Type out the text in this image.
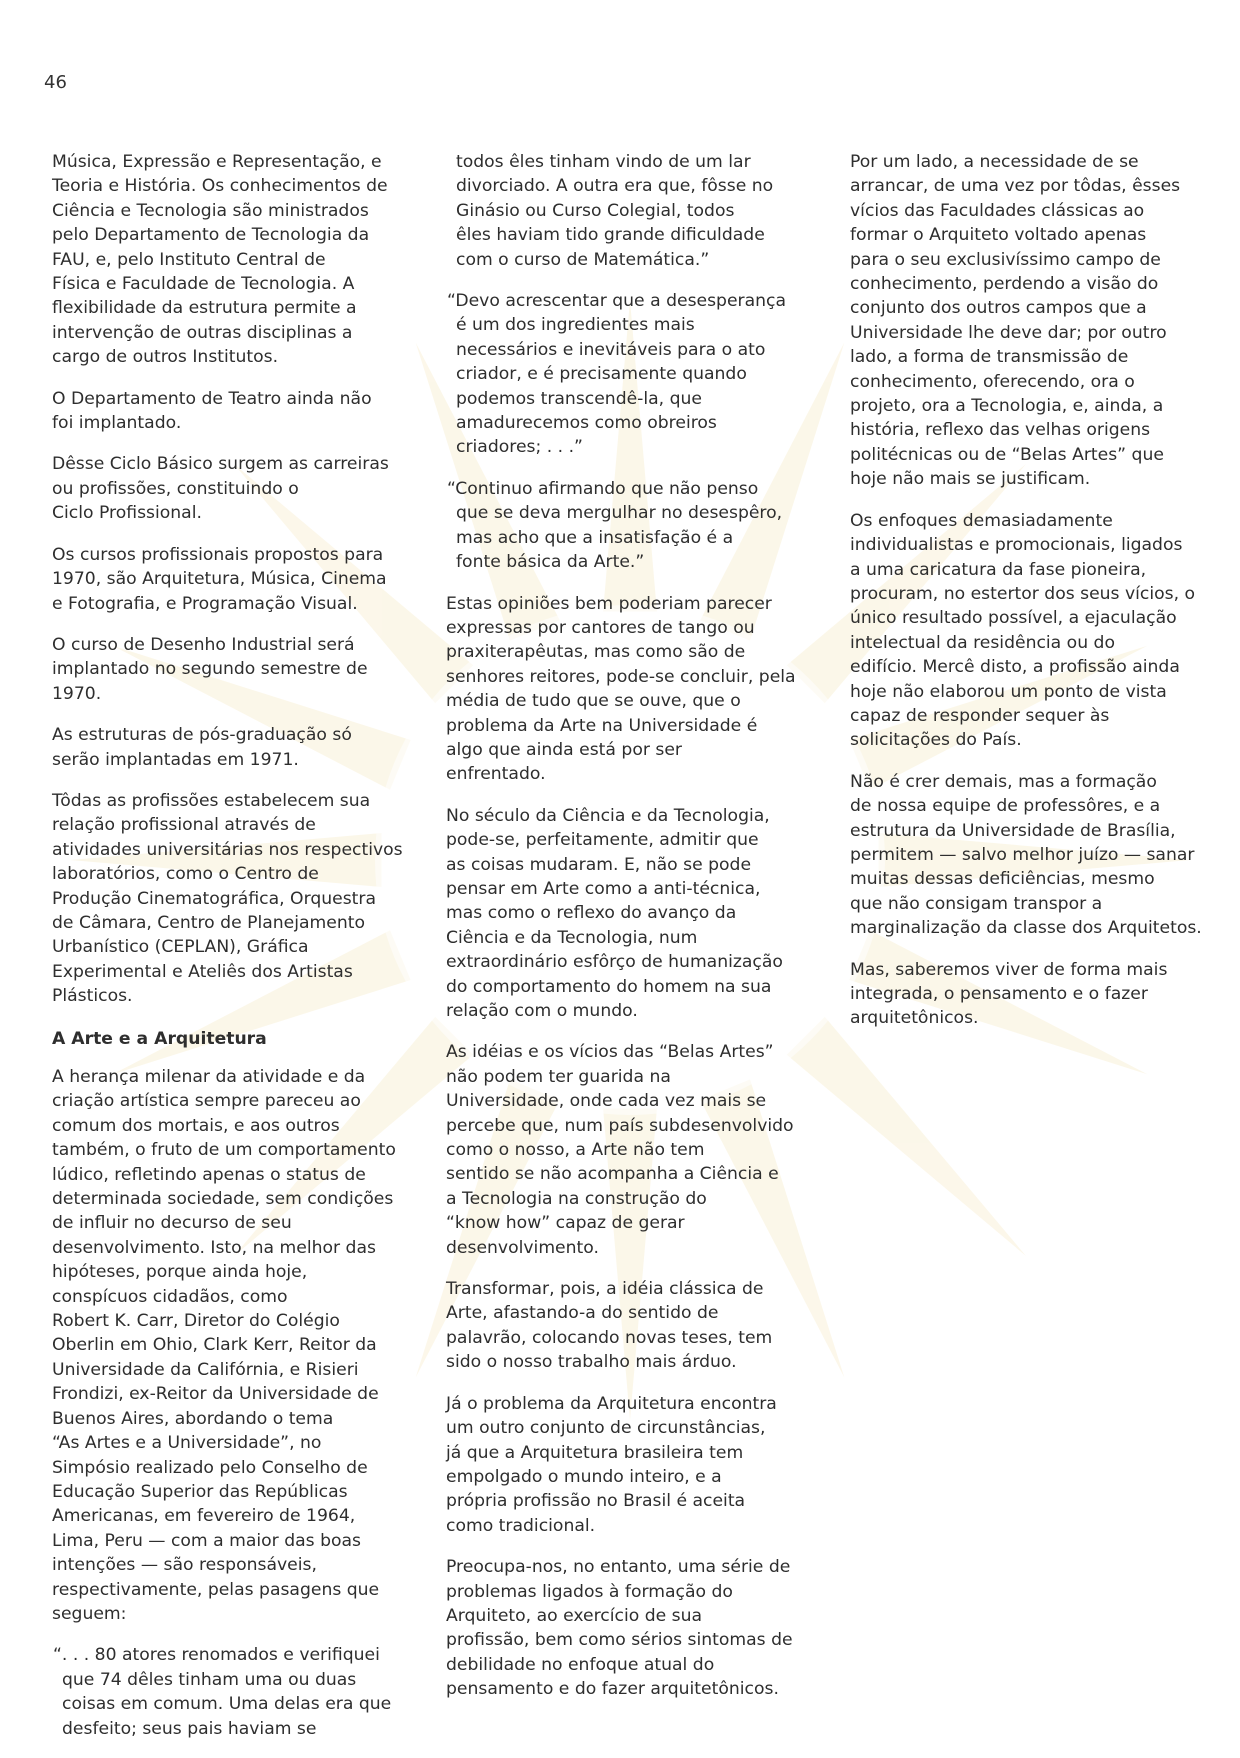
46

Música, Expressão e Representação, e
Teoria e História. Os conhecimentos de
Ciência e Tecnologia são ministrados
pelo Departamento de Tecnologia da
FAU, e, pelo Instituto Central de
Física e Faculdade de Tecnologia. A
flexibilidade da estrutura permite a
intervenção de outras disciplinas a
cargo de outros Institutos.

O Departamento de Teatro ainda não
foi implantado.

Dêsse Ciclo Básico surgem as carreiras
ou profissões, constituindo o
Ciclo Profissional.

Os cursos profissionais propostos para
1970, são Arquitetura, Música, Cinema
e Fotografia, e Programação Visual.

O curso de Desenho Industrial será
implantado no segundo semestre de
1970.

As estruturas de pós-graduação só
serão implantadas em 1971.

Tôdas as profissões estabelecem sua
relação profissional através de
atividades universitárias nos respectivos
laboratórios, como o Centro de
Produção Cinematográfica, Orquestra
de Câmara, Centro de Planejamento
Urbanístico (CEPLAN), Gráfica
Experimental e Ateliês dos Artistas
Plásticos.

A Arte e a Arquitetura

A herança milenar da atividade e da
criação artística sempre pareceu ao
comum dos mortais, e aos outros
também, o fruto de um comportamento
lúdico, refletindo apenas o status de
determinada sociedade, sem condições
de influir no decurso de seu
desenvolvimento. Isto, na melhor das
hipóteses, porque ainda hoje,
conspícuos cidadãos, como
Robert K. Carr, Diretor do Colégio
Oberlin em Ohio, Clark Kerr, Reitor da
Universidade da Califórnia, e Risieri
Frondizi, ex-Reitor da Universidade de
Buenos Aires, abordando o tema
“As Artes e a Universidade”, no
Simpósio realizado pelo Conselho de
Educação Superior das Repúblicas
Americanas, em fevereiro de 1964,
Lima, Peru — com a maior das boas
intenções — são responsáveis,
respectivamente, pelas pasagens que
seguem:

“. . . 80 atores renomados e verifiquei
que 74 dêles tinham uma ou duas
coisas em comum. Uma delas era que
desfeito; seus pais haviam se

todos êles tinham vindo de um lar
divorciado. A outra era que, fôsse no
Ginásio ou Curso Colegial, todos
êles haviam tido grande dificuldade
com o curso de Matemática.”

“Devo acrescentar que a desesperança
é um dos ingredientes mais
necessários e inevitáveis para o ato
criador, e é precisamente quando
podemos transcendê-la, que
amadurecemos como obreiros
criadores; . . .”

“Continuo afirmando que não penso
que se deva mergulhar no desespêro,
mas acho que a insatisfação é a
fonte básica da Arte.”

Estas opiniões bem poderiam parecer
expressas por cantores de tango ou
praxiterapêutas, mas como são de
senhores reitores, pode-se concluir, pela
média de tudo que se ouve, que o
problema da Arte na Universidade é
algo que ainda está por ser
enfrentado.

No século da Ciência e da Tecnologia,
pode-se, perfeitamente, admitir que
as coisas mudaram. E, não se pode
pensar em Arte como a anti-técnica,
mas como o reflexo do avanço da
Ciência e da Tecnologia, num
extraordinário esfôrço de humanização
do comportamento do homem na sua
relação com o mundo.

As idéias e os vícios das “Belas Artes”
não podem ter guarida na
Universidade, onde cada vez mais se
percebe que, num país subdesenvolvido
como o nosso, a Arte não tem
sentido se não acompanha a Ciência e
a Tecnologia na construção do
“know how” capaz de gerar
desenvolvimento.

Transformar, pois, a idéia clássica de
Arte, afastando-a do sentido de
palavrão, colocando novas teses, tem
sido o nosso trabalho mais árduo.

Já o problema da Arquitetura encontra
um outro conjunto de circunstâncias,
já que a Arquitetura brasileira tem
empolgado o mundo inteiro, e a
própria profissão no Brasil é aceita
como tradicional.

Preocupa-nos, no entanto, uma série de
problemas ligados à formação do
Arquiteto, ao exercício de sua
profissão, bem como sérios sintomas de
debilidade no enfoque atual do
pensamento e do fazer arquitetônicos.

Por um lado, a necessidade de se
arrancar, de uma vez por tôdas, êsses
vícios das Faculdades clássicas ao
formar o Arquiteto voltado apenas
para o seu exclusivíssimo campo de
conhecimento, perdendo a visão do
conjunto dos outros campos que a
Universidade lhe deve dar; por outro
lado, a forma de transmissão de
conhecimento, oferecendo, ora o
projeto, ora a Tecnologia, e, ainda, a
história, reflexo das velhas origens
politécnicas ou de “Belas Artes” que
hoje não mais se justificam.

Os enfoques demasiadamente
individualistas e promocionais, ligados
a uma caricatura da fase pioneira,
procuram, no estertor dos seus vícios, o
único resultado possível, a ejaculação
intelectual da residência ou do
edifício. Mercê disto, a profissão ainda
hoje não elaborou um ponto de vista
capaz de responder sequer às
solicitações do País.

Não é crer demais, mas a formação
de nossa equipe de professôres, e a
estrutura da Universidade de Brasília,
permitem — salvo melhor juízo — sanar
muitas dessas deficiências, mesmo
que não consigam transpor a
marginalização da classe dos Arquitetos.

Mas, saberemos viver de forma mais
integrada, o pensamento e o fazer
arquitetônicos.
